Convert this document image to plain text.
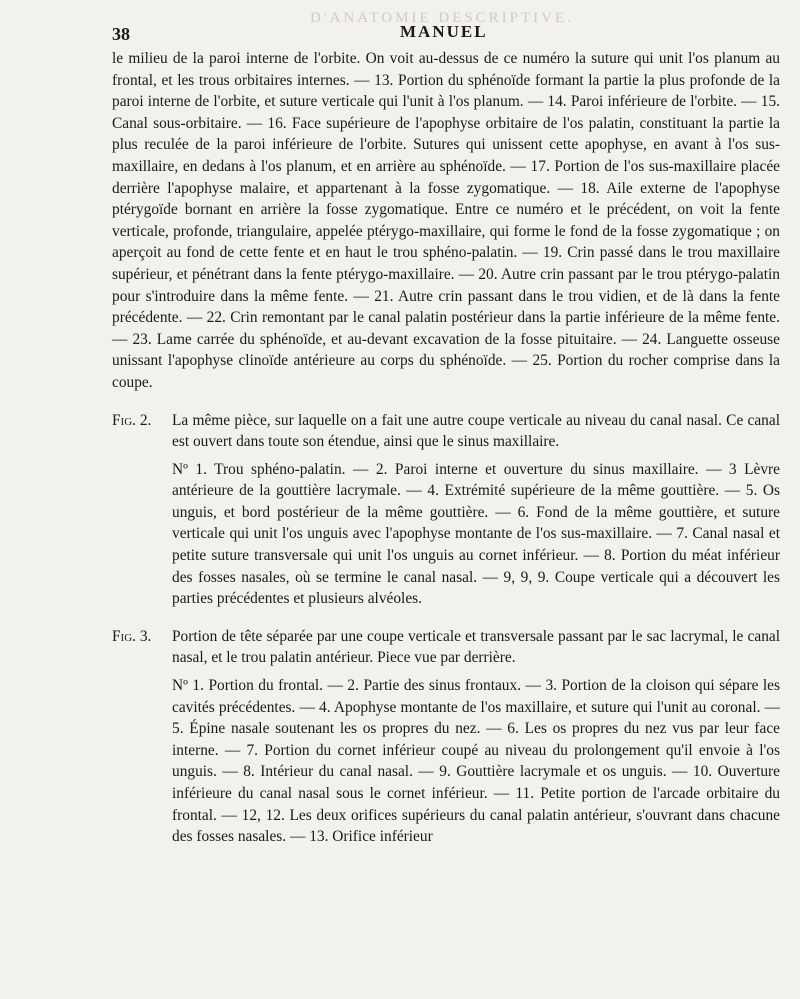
D'ANATOMIE DESCRIPTIVE.
38	MANUEL

le milieu de la paroi interne de l'orbite. On voit au-dessus de ce numéro la suture qui unit l'os planum au frontal, et les trous orbitaires internes. — 13. Portion du sphénoïde formant la partie la plus profonde de la paroi interne de l'orbite, et suture verticale qui l'unit à l'os planum. — 14. Paroi inférieure de l'orbite. — 15. Canal sous-orbitaire. — 16. Face supérieure de l'apophyse orbitaire de l'os palatin, constituant la partie la plus reculée de la paroi inférieure de l'orbite. Sutures qui unissent cette apophyse, en avant à l'os sus-maxillaire, en dedans à l'os planum, et en arrière au sphénoïde. — 17. Portion de l'os sus-maxillaire placée derrière l'apophyse malaire, et appartenant à la fosse zygomatique. — 18. Aile externe de l'apophyse ptérygoïde bornant en arrière la fosse zygomatique. Entre ce numéro et le précédent, on voit la fente verticale, profonde, triangulaire, appelée ptérygo-maxillaire, qui forme le fond de la fosse zygomatique ; on aperçoit au fond de cette fente et en haut le trou sphéno-palatin. — 19. Crin passé dans le trou maxillaire supérieur, et pénétrant dans la fente ptérygo-maxillaire. — 20. Autre crin passant par le trou ptérygo-palatin pour s'introduire dans la même fente. — 21. Autre crin passant dans le trou vidien, et de là dans la fente précédente. — 22. Crin remontant par le canal palatin postérieur dans la partie inférieure de la même fente. — 23. Lame carrée du sphénoïde, et au-devant excavation de la fosse pituitaire. — 24. Languette osseuse unissant l'apophyse clinoïde antérieure au corps du sphénoïde. — 25. Portion du rocher comprise dans la coupe.

Fig. 2.	La même pièce, sur laquelle on a fait une autre coupe verticale au niveau du canal nasal. Ce canal est ouvert dans toute son étendue, ainsi que le sinus maxillaire.

Nº 1. Trou sphéno-palatin. — 2. Paroi interne et ouverture du sinus maxillaire. — 3 Lèvre antérieure de la gouttière lacrymale. — 4. Extrémité supérieure de la même gouttière. — 5. Os unguis, et bord postérieur de la même gouttière. — 6. Fond de la même gouttière, et suture verticale qui unit l'os unguis avec l'apophyse montante de l'os sus-maxillaire. — 7. Canal nasal et petite suture transversale qui unit l'os unguis au cornet inférieur. — 8. Portion du méat inférieur des fosses nasales, où se termine le canal nasal. — 9, 9, 9. Coupe verticale qui a découvert les parties précédentes et plusieurs alvéoles.

Fig. 3.	Portion de tête séparée par une coupe verticale et transversale passant par le sac lacrymal, le canal nasal, et le trou palatin antérieur. Piece vue par derrière.

Nº 1. Portion du frontal. — 2. Partie des sinus frontaux. — 3. Portion de la cloison qui sépare les cavités précédentes. — 4. Apophyse montante de l'os maxillaire, et suture qui l'unit au coronal. — 5. Épine nasale soutenant les os propres du nez. — 6. Les os propres du nez vus par leur face interne. — 7. Portion du cornet inférieur coupé au niveau du prolongement qu'il envoie à l'os unguis. — 8. Intérieur du canal nasal. — 9. Gouttière lacrymale et os unguis. — 10. Ouverture inférieure du canal nasal sous le cornet inférieur. — 11. Petite portion de l'arcade orbitaire du frontal. — 12, 12. Les deux orifices supérieurs du canal palatin antérieur, s'ouvrant dans chacune des fosses nasales. — 13. Orifice inférieur
